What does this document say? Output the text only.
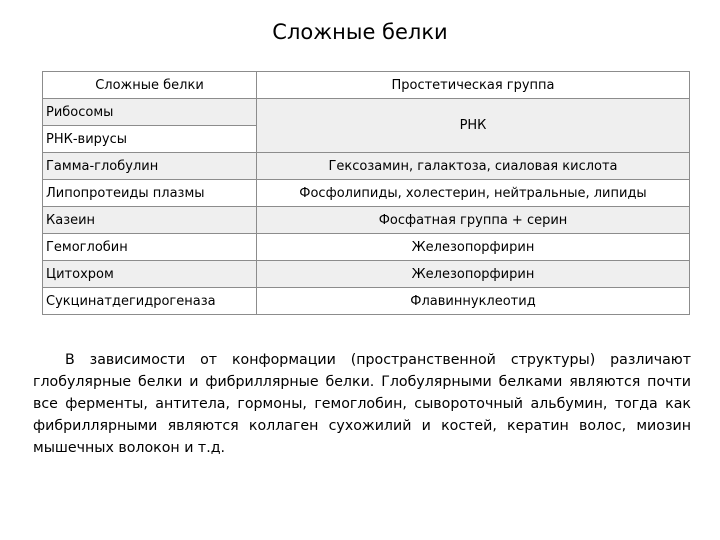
Сложные белки
Сложные белки	Простетическая группа
Рибосомы	РНК
РНК-вирусы	
Гамма-глобулин	Гексозамин, галактоза, сиаловая кислота
Липопротеиды плазмы	Фосфолипиды, холестерин, нейтральные, липиды
Казеин	Фосфатная группа + серин
Гемоглобин	Железопорфирин
Цитохром	Железопорфирин
Сукцинатдегидрогеназа	Флавиннуклеотид

В зависимости от конформации (пространственной структуры) различают глобулярные белки и фибриллярные белки. Глобулярными белками являются почти все ферменты, антитела, гормоны, гемоглобин, сывороточный альбумин, тогда как фибриллярными являются коллаген сухожилий и костей, кератин волос, миозин мышечных волокон и т.д.
